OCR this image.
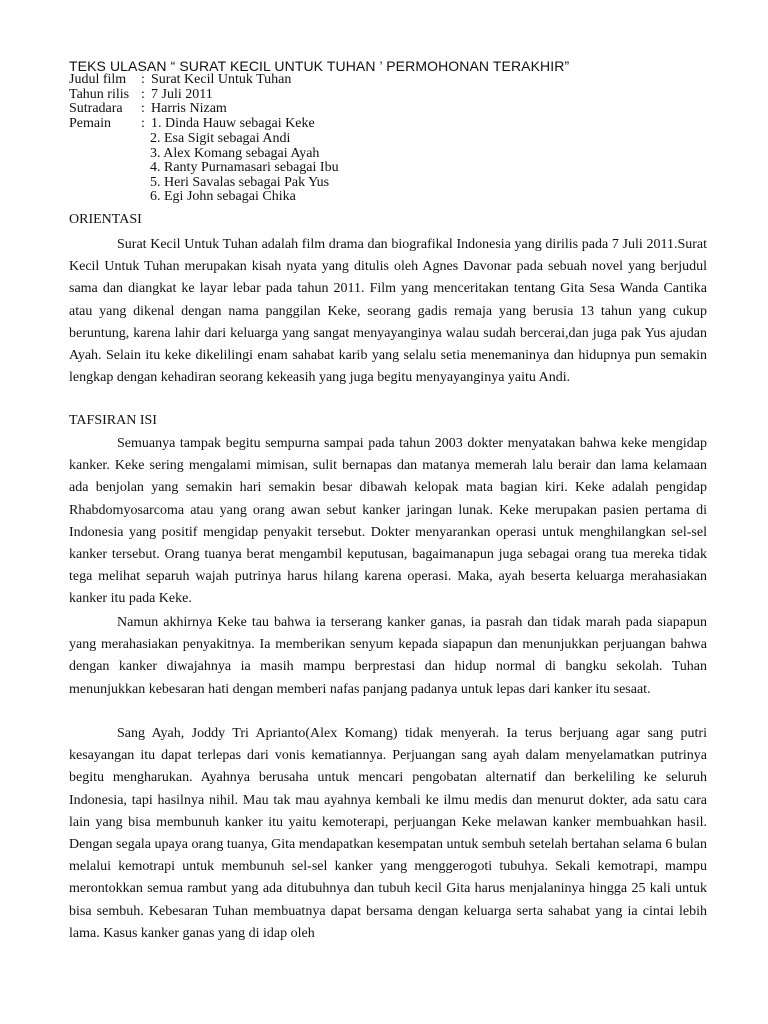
TEKS ULASAN “ SURAT KECIL UNTUK TUHAN ’ PERMOHONAN TERAKHIR”
Judul film	: Surat Kecil Untuk Tuhan
Tahun rilis : 7 Juli 2011
Sutradara	: Harris Nizam
Pemain	: 1. Dinda Hauw sebagai Keke
2. Esa Sigit sebagai Andi
3. Alex Komang sebagai Ayah
4. Ranty Purnamasari sebagai Ibu
5. Heri Savalas sebagai Pak Yus
6. Egi John sebagai Chika
ORIENTASI

Surat Kecil Untuk Tuhan adalah film drama dan biografikal Indonesia yang dirilis pada 7 Juli 2011.Surat Kecil Untuk Tuhan merupakan kisah nyata yang ditulis oleh Agnes Davonar pada sebuah novel yang berjudul sama dan diangkat ke layar lebar pada tahun 2011. Film yang menceritakan tentang Gita Sesa Wanda Cantika atau yang dikenal dengan nama panggilan Keke, seorang gadis remaja yang berusia 13 tahun yang cukup beruntung, karena lahir dari keluarga yang sangat menyayanginya walau sudah bercerai,dan juga pak Yus ajudan Ayah. Selain itu keke dikelilingi enam sahabat karib yang selalu setia menemaninya dan hidupnya pun semakin lengkap dengan kehadiran seorang kekeasih yang juga begitu menyayanginya yaitu Andi.

TAFSIRAN ISI

Semuanya tampak begitu sempurna sampai pada tahun 2003 dokter menyatakan bahwa keke mengidap kanker. Keke sering mengalami mimisan, sulit bernapas dan matanya memerah lalu berair dan lama kelamaan ada benjolan yang semakin hari semakin besar dibawah kelopak mata bagian kiri. Keke adalah pengidap Rhabdomyosarcoma atau yang orang awan sebut kanker jaringan lunak. Keke merupakan pasien pertama di Indonesia yang positif mengidap penyakit tersebut. Dokter menyarankan operasi untuk menghilangkan sel-sel kanker tersebut. Orang tuanya berat mengambil keputusan, bagaimanapun juga sebagai orang tua mereka tidak tega melihat separuh wajah putrinya harus hilang karena operasi. Maka, ayah beserta keluarga merahasiakan kanker itu pada Keke.

Namun akhirnya Keke tau bahwa ia terserang kanker ganas, ia pasrah dan tidak marah pada siapapun yang merahasiakan penyakitnya. Ia memberikan senyum kepada siapapun dan menunjukkan perjuangan bahwa dengan kanker diwajahnya ia masih mampu berprestasi dan hidup normal di bangku sekolah. Tuhan menunjukkan kebesaran hati dengan memberi nafas panjang padanya untuk lepas dari kanker itu sesaat.

Sang Ayah, Joddy Tri Aprianto(Alex Komang) tidak menyerah. Ia terus berjuang agar sang putri kesayangan itu dapat terlepas dari vonis kematiannya. Perjuangan sang ayah dalam menyelamatkan putrinya begitu mengharukan. Ayahnya berusaha untuk mencari pengobatan alternatif dan berkeliling ke seluruh Indonesia, tapi hasilnya nihil. Mau tak mau ayahnya kembali ke ilmu medis dan menurut dokter, ada satu cara lain yang bisa membunuh kanker itu yaitu kemoterapi, perjuangan Keke melawan kanker membuahkan hasil. Dengan segala upaya orang tuanya, Gita mendapatkan kesempatan untuk sembuh setelah bertahan selama 6 bulan melalui kemotrapi untuk membunuh sel-sel kanker yang menggerogoti tubuhya. Sekali kemotrapi, mampu merontokkan semua rambut yang ada ditubuhnya dan tubuh kecil Gita harus menjalaninya hingga 25 kali untuk bisa sembuh. Kebesaran Tuhan membuatnya dapat bersama dengan keluarga serta sahabat yang ia cintai lebih lama. Kasus kanker ganas yang di idap oleh
